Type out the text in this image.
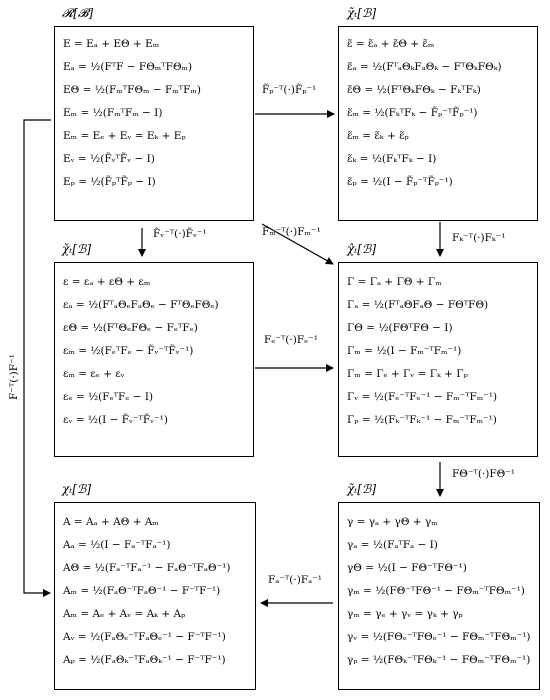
𝓡[𝓑]
E = Eₐ + EΘ + Eₘ
Eₐ = ½(FᵀF − FΘₘᵀFΘₘ)
EΘ = ½(FₘᵀFΘₘ − FₘᵀFₘ)
Eₘ = ½(FₘᵀFₘ − I)
Eₘ = Eₑ + Eᵥ = Eₖ + Eₚ
Eᵥ = ½(F̃ᵥᵀF̃ᵥ − I)
Eₚ = ½(F̃ₚᵀF̃ₚ − I)
χ̃ₜ[ℬ]
ε̃ = ε̃ₐ + ε̃Θ + ε̃ₘ
ε̃ₐ = ½(FᵀₐΘₖFₐΘₖ − FᵀΘₖFΘₖ)
ε̃Θ = ½(FᵀΘₖFΘₖ − FₖᵀFₖ)
ε̃ₘ = ½(FₖᵀFₖ − F̃ₚ⁻ᵀF̃ₚ⁻¹)
ε̃ₘ = ε̃ₖ + ε̃ₚ
ε̃ₖ = ½(FₖᵀFₖ − I)
ε̃ₚ = ½(I − F̃ₚ⁻ᵀF̃ₚ⁻¹)
χ̌ₜ[ℬ]
ε = εₐ + εΘ + εₘ
εₐ = ½(FᵀₐΘₑFₐΘₑ − FᵀΘₑFΘₑ)
εΘ = ½(FᵀΘₑFΘₑ − FₑᵀFₑ)
εₘ = ½(FₑᵀFₑ − F̃ᵥ⁻ᵀF̃ᵥ⁻¹)
εₘ = εₑ + εᵥ
εₑ = ½(FₑᵀFₑ − I)
εᵥ = ½(I − F̃ᵥ⁻ᵀF̃ᵥ⁻¹)
χ̂ₜ[ℬ]
Γ = Γₐ + ΓΘ + Γₘ
Γₐ = ½(FᵀₐΘFₐΘ − FΘᵀFΘ)
ΓΘ = ½(FΘᵀFΘ − I)
Γₘ = ½(I − Fₘ⁻ᵀFₘ⁻¹)
Γₘ = Γₑ + Γᵥ = Γₖ + Γₚ
Γᵥ = ½(Fₑ⁻ᵀFₑ⁻¹ − Fₘ⁻ᵀFₘ⁻¹)
Γₚ = ½(Fₖ⁻ᵀFₖ⁻¹ − Fₘ⁻ᵀFₘ⁻¹)
χₜ[ℬ]
A = Aₐ + AΘ + Aₘ
Aₐ = ½(I − Fₐ⁻ᵀFₐ⁻¹)
AΘ = ½(Fₐ⁻ᵀFₐ⁻¹ − FₐΘ⁻ᵀFₐΘ⁻¹)
Aₘ = ½(FₐΘ⁻ᵀFₐΘ⁻¹ − F⁻ᵀF⁻¹)
Aₘ = Aₑ + Aᵥ = Aₖ + Aₚ
Aᵥ = ½(FₐΘₑ⁻ᵀFₐΘₑ⁻¹ − F⁻ᵀF⁻¹)
Aₚ = ½(FₐΘₖ⁻ᵀFₐΘₖ⁻¹ − F⁻ᵀF⁻¹)
χ̃ₜ[ℬ]
γ = γₐ + γΘ + γₘ
γₐ = ½(FₐᵀFₐ − I)
γΘ = ½(I − FΘ⁻ᵀFΘ⁻¹)
γₘ = ½(FΘ⁻ᵀFΘ⁻¹ − FΘₘ⁻ᵀFΘₘ⁻¹)
γₘ = γₑ + γᵥ = γₖ + γₚ
γᵥ = ½(FΘₑ⁻ᵀFΘₑ⁻¹ − FΘₘ⁻ᵀFΘₘ⁻¹)
γₚ = ½(FΘₖ⁻ᵀFΘₖ⁻¹ − FΘₘ⁻ᵀFΘₘ⁻¹)
F̃ₚ⁻ᵀ(·)F̃ₚ⁻¹
F̃ᵥ⁻ᵀ(·)F̃ᵥ⁻¹	F̃ₘ⁻ᵀ(·)Fₘ⁻¹	Fₖ⁻ᵀ(·)Fₖ⁻¹
Fₑ⁻ᵀ(·)Fₑ⁻¹
FΘ⁻ᵀ(·)FΘ⁻¹
Fₐ⁻ᵀ(·)Fₐ⁻¹
F⁻ᵀ(·)F⁻¹
